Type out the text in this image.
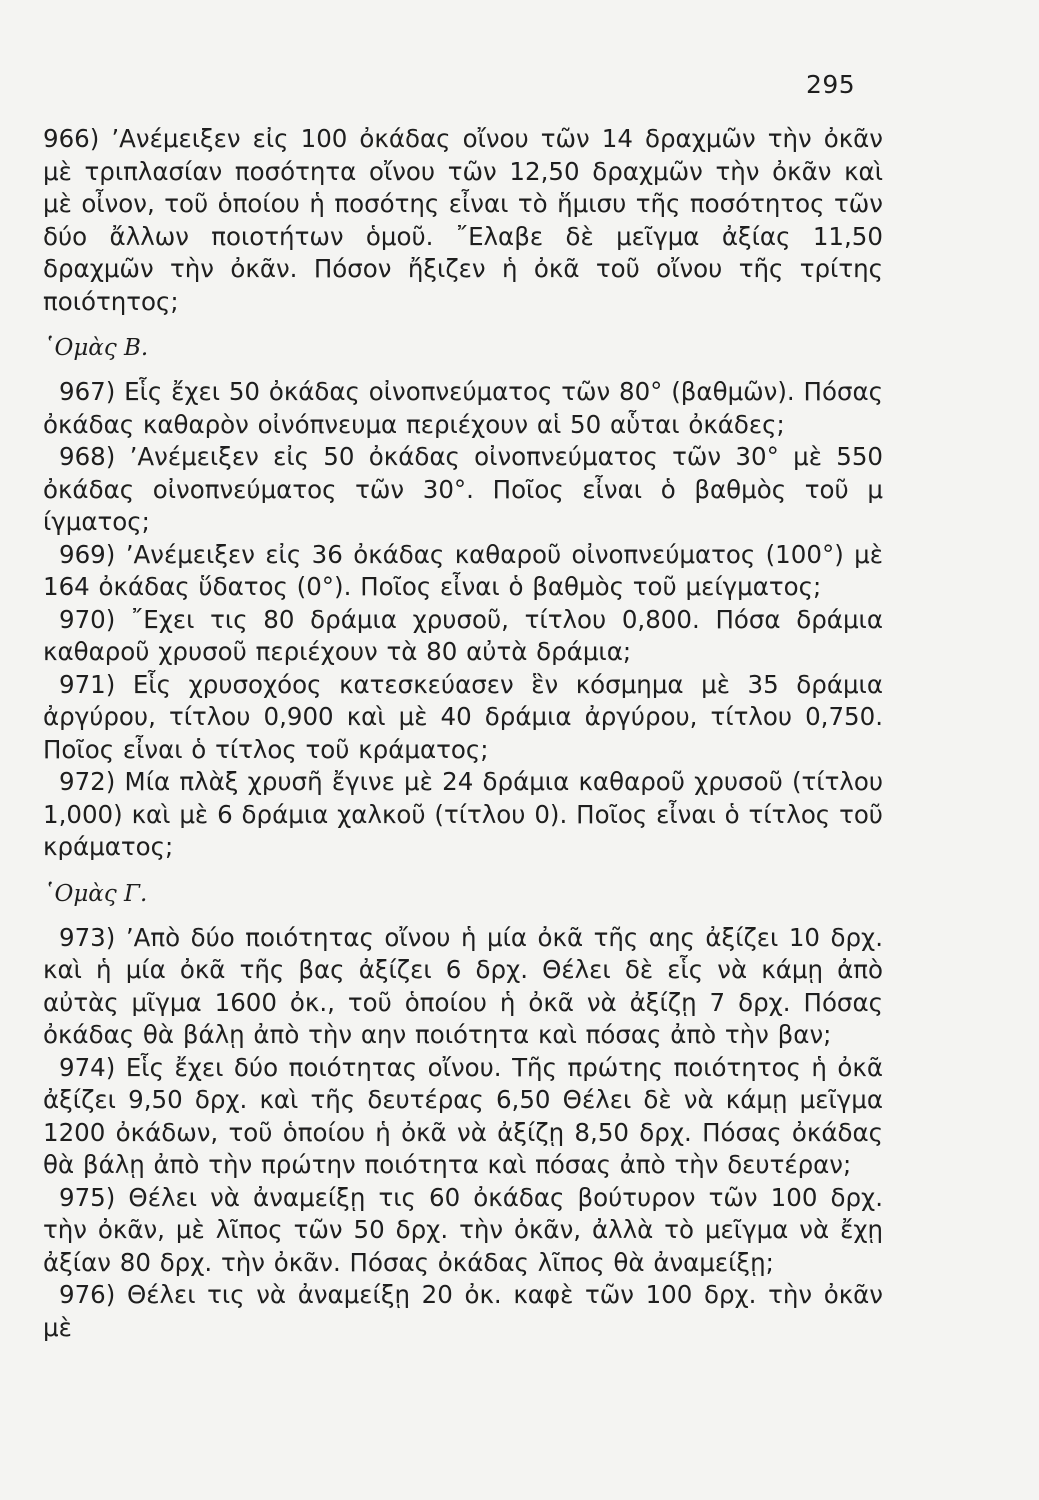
295

966) ’Ανέμειξεν εἰς 100 ὀκάδας οἴνου τῶν 14 δραχμῶν τὴν ὀκᾶν μὲ τριπλασίαν ποσότητα οἴνου τῶν 12,50 δραχμῶν τὴν ὀκᾶν καὶ μὲ οἶνον, τοῦ ὁποίου ἡ ποσότης εἶναι τὸ ἥμισυ τῆς ποσότητος τῶν δύο ἄλλων ποιοτήτων ὁμοῦ. ῎Ελαβε δὲ μεῖγμα ἀξίας 11,50 δραχμῶν τὴν ὀκᾶν. Πόσον ἤξιζεν ἡ ὀκᾶ τοῦ οἴνου τῆς τρίτης ποιότητος;

῾Ομὰς Β.

967) Εἷς ἔχει 50 ὀκάδας οἰνοπνεύματος τῶν 80° (βαθμῶν). Πόσας ὀκάδας καθαρὸν οἰνόπνευμα περιέχουν αἱ 50 αὗται ὀκάδες;

968) ’Ανέμειξεν εἰς 50 ὀκάδας οἰνοπνεύματος τῶν 30° μὲ 550 ὀκάδας οἰνοπνεύματος τῶν 30°. Ποῖος εἶναι ὁ βαθμὸς τοῦ μ ίγματος;

969) ’Ανέμειξεν εἰς 36 ὀκάδας καθαροῦ οἰνοπνεύματος (100°) μὲ 164 ὀκάδας ὕδατος (0°). Ποῖος εἶναι ὁ βαθμὸς τοῦ μείγματος;

970) ῎Εχει τις 80 δράμια χρυσοῦ, τίτλου 0,800. Πόσα δράμια καθαροῦ χρυσοῦ περιέχουν τὰ 80 αὐτὰ δράμια;

971) Εἷς χρυσοχόος κατεσκεύασεν ἓν κόσμημα μὲ 35 δράμια ἀργύρου, τίτλου 0,900 καὶ μὲ 40 δράμια ἀργύρου, τίτλου 0,750. Ποῖος εἶναι ὁ τίτλος τοῦ κράματος;

972) Μία πλὰξ χρυσῆ ἔγινε μὲ 24 δράμια καθαροῦ χρυσοῦ (τίτλου 1,000) καὶ μὲ 6 δράμια χαλκοῦ (τίτλου 0). Ποῖος εἶναι ὁ τίτλος τοῦ κράματος;

῾Ομὰς Γ.

973) ’Απὸ δύο ποιότητας οἴνου ἡ μία ὀκᾶ τῆς αης ἀξίζει 10 δρχ. καὶ ἡ μία ὀκᾶ τῆς βας ἀξίζει 6 δρχ. Θέλει δὲ εἷς νὰ κάμῃ ἀπὸ αὐτὰς μῖγμα 1600 ὀκ., τοῦ ὁποίου ἡ ὀκᾶ νὰ ἀξίζῃ 7 δρχ. Πόσας ὀκάδας θὰ βάλῃ ἀπὸ τὴν αην ποιότητα καὶ πόσας ἀπὸ τὴν βαν;

974) Εἷς ἔχει δύο ποιότητας οἴνου. Τῆς πρώτης ποιότητος ἡ ὀκᾶ ἀξίζει 9,50 δρχ. καὶ τῆς δευτέρας 6,50 Θέλει δὲ νὰ κάμῃ μεῖγμα 1200 ὀκάδων, τοῦ ὁποίου ἡ ὀκᾶ νὰ ἀξίζῃ 8,50 δρχ. Πόσας ὀκάδας θὰ βάλῃ ἀπὸ τὴν πρώτην ποιότητα καὶ πόσας ἀπὸ τὴν δευτέραν;

975) Θέλει νὰ ἀναμείξῃ τις 60 ὀκάδας βούτυρον τῶν 100 δρχ. τὴν ὀκᾶν, μὲ λῖπος τῶν 50 δρχ. τὴν ὀκᾶν, ἀλλὰ τὸ μεῖγμα νὰ ἔχῃ ἀξίαν 80 δρχ. τὴν ὀκᾶν. Πόσας ὀκάδας λῖπος θὰ ἀναμείξῃ;

976) Θέλει τις νὰ ἀναμείξῃ 20 ὀκ. καφὲ τῶν 100 δρχ. τὴν ὀκᾶν μὲ
